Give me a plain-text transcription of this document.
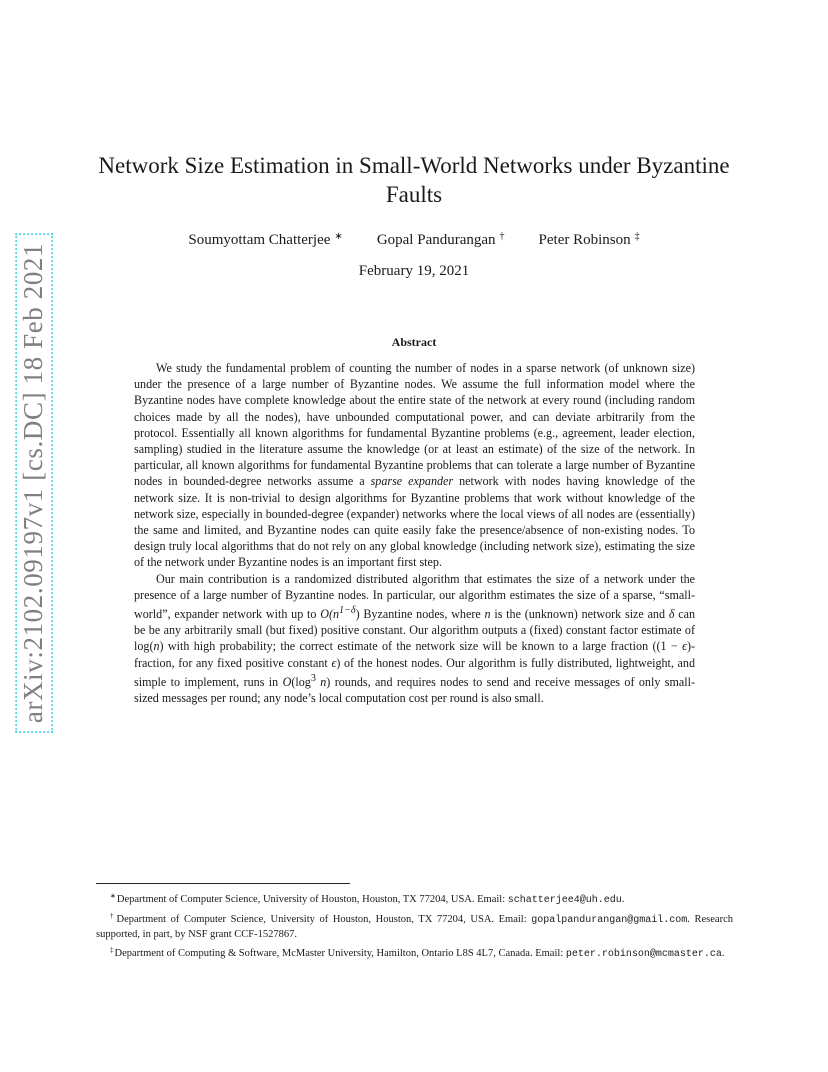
arXiv:2102.09197v1 [cs.DC] 18 Feb 2021
Network Size Estimation in Small-World Networks under Byzantine Faults
Soumyottam Chatterjee ∗ Gopal Pandurangan † Peter Robinson ‡
February 19, 2021
Abstract

We study the fundamental problem of counting the number of nodes in a sparse network (of unknown size) under the presence of a large number of Byzantine nodes. We assume the full information model where the Byzantine nodes have complete knowledge about the entire state of the network at every round (including random choices made by all the nodes), have unbounded computational power, and can deviate arbitrarily from the protocol. Essentially all known algorithms for fundamental Byzantine problems (e.g., agreement, leader election, sampling) studied in the literature assume the knowledge (or at least an estimate) of the size of the network. In particular, all known algorithms for fundamental Byzantine problems that can tolerate a large number of Byzantine nodes in bounded-degree networks assume a sparse expander network with nodes having knowledge of the network size. It is non-trivial to design algorithms for Byzantine problems that work without knowledge of the network size, especially in bounded-degree (expander) networks where the local views of all nodes are (essentially) the same and limited, and Byzantine nodes can quite easily fake the presence/absence of non-existing nodes. To design truly local algorithms that do not rely on any global knowledge (including network size), estimating the size of the network under Byzantine nodes is an important first step.

Our main contribution is a randomized distributed algorithm that estimates the size of a network under the presence of a large number of Byzantine nodes. In particular, our algorithm estimates the size of a sparse, “small-world”, expander network with up to $O(n^{1-\delta})$ Byzantine nodes, where n is the (unknown) network size and δ can be be any arbitrarily small (but fixed) positive constant. Our algorithm outputs a (fixed) constant factor estimate of log(n) with high probability; the correct estimate of the network size will be known to a large fraction ((1 − ϵ)-fraction, for any fixed positive constant ϵ) of the honest nodes. Our algorithm is fully distributed, lightweight, and simple to implement, runs in $O(\log^3$ n) rounds, and requires nodes to send and receive messages of only small-sized messages per round; any node’s local computation cost per round is also small.

∗Department of Computer Science, University of Houston, Houston, TX 77204, USA. Email: schatterjee4@uh.edu.

†Department of Computer Science, University of Houston, Houston, TX 77204, USA. Email: gopalpandurangan@gmail.com. Research supported, in part, by NSF grant CCF-1527867.

‡Department of Computing & Software, McMaster University, Hamilton, Ontario L8S 4L7, Canada. Email: peter.robinson@mcmaster.ca.
